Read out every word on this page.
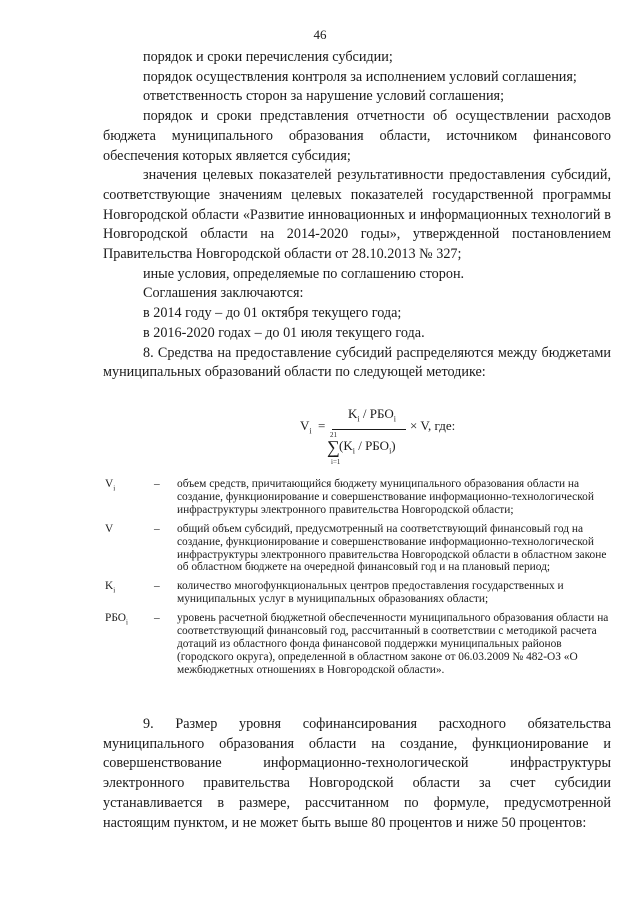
46

порядок и сроки перечисления субсидии;

порядок осуществления контроля за исполнением условий соглашения;

ответственность сторон за нарушение условий соглашения;

порядок и сроки представления отчетности об осуществлении расходов бюджета муниципального образования области, источником финансового обеспечения которых является субсидия;

значения целевых показателей результативности предоставления субсидий, соответствующие значениям целевых показателей государственной программы Новгородской области «Развитие инновационных и информационных технологий в Новгородской области на 2014-2020 годы», утвержденной постановлением Правительства Новгородской области от 28.10.2013 № 327;

иные условия, определяемые по соглашению сторон.

Соглашения заключаются:

в 2014 году – до 01 октября текущего года;

в 2016-2020 годах – до 01 июля текущего года.

8. Средства на предоставление субсидий распределяются между бюджетами муниципальных образований области по следующей методике:

$V_i$ =
$K_i / РБО_i$	× V, где:
21
∑
i=1
$(K_i / РБО_i)$
$V_i$	– объем средств, причитающийся бюджету муниципального образования области на создание, функционирование и совершенствование информационно-технологической инфраструктуры электронного правительства Новгородской области;
V	– общий объем субсидий, предусмотренный на соответствующий финансовый год на создание, функционирование и совершенствование информационно-технологической инфраструктуры электронного правительства Новгородской области в областном законе об областном бюджете на очередной финансовый год и на плановый период;
$K_i$	– количество многофункциональных центров предоставления государственных и муниципальных услуг в муниципальных образованиях области;
$РБО_i$	– уровень расчетной бюджетной обеспеченности муниципального образования области на соответствующий финансовый год, рассчитанный в соответствии с методикой расчета дотаций из областного фонда финансовой поддержки муниципальных районов (городского округа), определенной в областном законе от 06.03.2009 № 482-ОЗ «О межбюджетных отношениях в Новгородской области».

9. Размер уровня софинансирования расходного обязательства муниципального образования области на создание, функционирование и совершенствование информационно-технологической инфраструктуры электронного правительства Новгородской области за счет субсидии устанавливается в размере, рассчитанном по формуле, предусмотренной настоящим пунктом, и не может быть выше 80 процентов и ниже 50 процентов:
